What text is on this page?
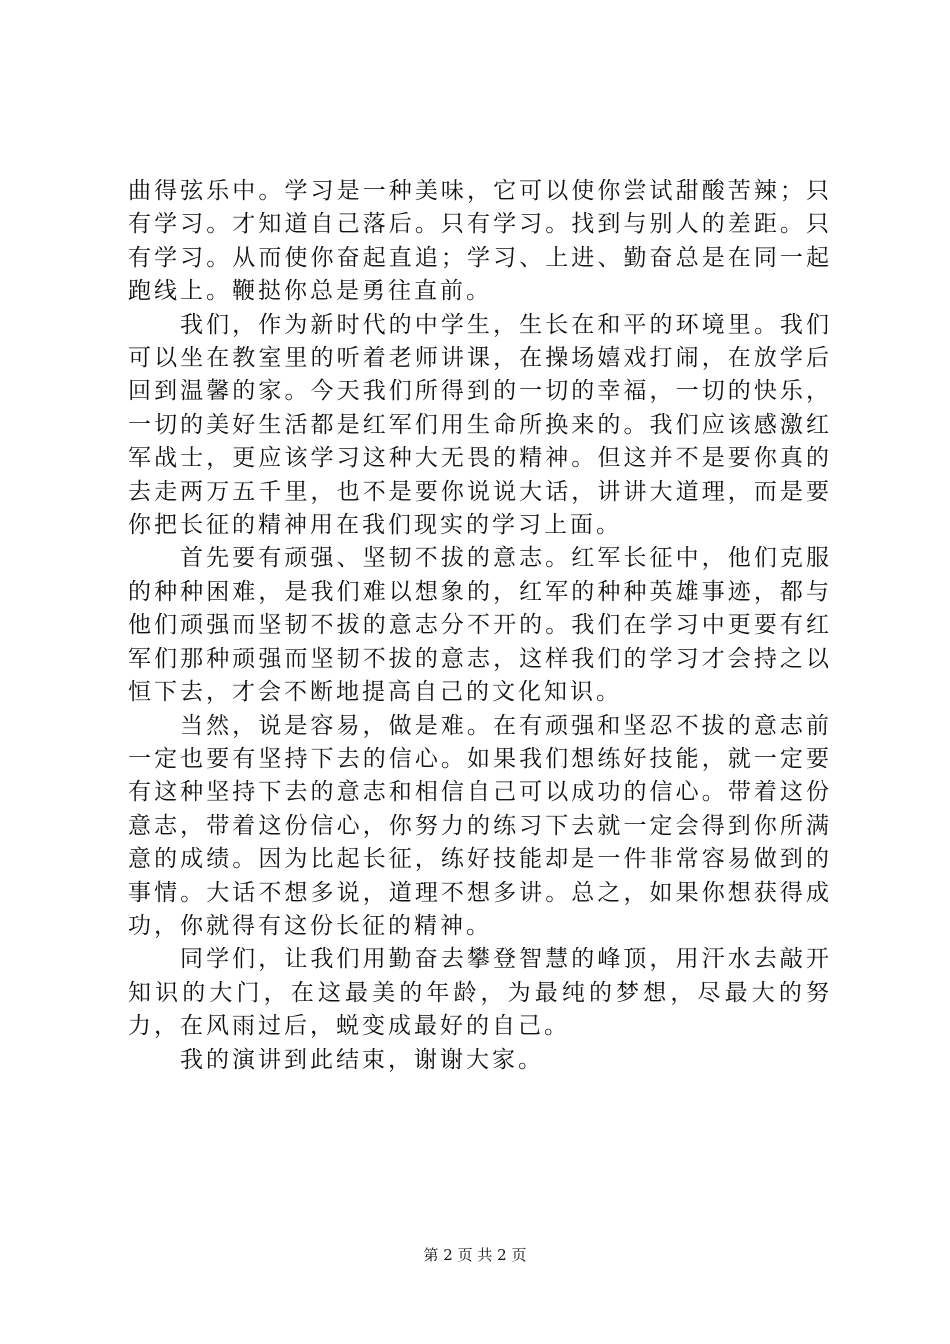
曲得弦乐中。学习是一种美味，它可以使你尝试甜酸苦辣；只有学习。才知道自己落后。只有学习。找到与别人的差距。只有学习。从而使你奋起直追；学习、上进、勤奋总是在同一起跑线上。鞭挞你总是勇往直前。

我们，作为新时代的中学生，生长在和平的环境里。我们可以坐在教室里的听着老师讲课，在操场嬉戏打闹，在放学后回到温馨的家。今天我们所得到的一切的幸福，一切的快乐，一切的美好生活都是红军们用生命所换来的。我们应该感激红军战士，更应该学习这种大无畏的精神。但这并不是要你真的去走两万五千里，也不是要你说说大话，讲讲大道理，而是要你把长征的精神用在我们现实的学习上面。

首先要有顽强、坚韧不拔的意志。红军长征中，他们克服的种种困难，是我们难以想象的，红军的种种英雄事迹，都与他们顽强而坚韧不拔的意志分不开的。我们在学习中更要有红军们那种顽强而坚韧不拔的意志，这样我们的学习才会持之以恒下去，才会不断地提高自己的文化知识。

当然，说是容易，做是难。在有顽强和坚忍不拔的意志前一定也要有坚持下去的信心。如果我们想练好技能，就一定要有这种坚持下去的意志和相信自己可以成功的信心。带着这份意志，带着这份信心，你努力的练习下去就一定会得到你所满意的成绩。因为比起长征，练好技能却是一件非常容易做到的事情。大话不想多说，道理不想多讲。总之，如果你想获得成功，你就得有这份长征的精神。

同学们，让我们用勤奋去攀登智慧的峰顶，用汗水去敲开知识的大门，在这最美的年龄，为最纯的梦想，尽最大的努力，在风雨过后，蜕变成最好的自己。

我的演讲到此结束，谢谢大家。

第 2 页 共 2 页
